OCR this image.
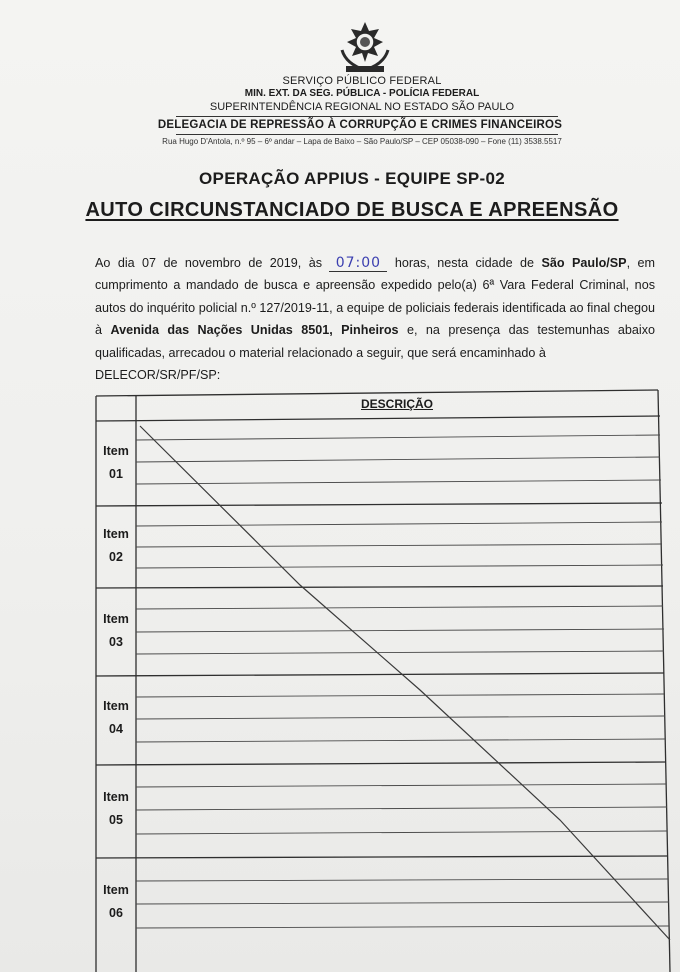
SERVIÇO PÚBLICO FEDERAL
MIN. EXT. DA SEG. PÚBLICA - POLÍCIA FEDERAL
SUPERINTENDÊNCIA REGIONAL NO ESTADO SÃO PAULO
DELEGACIA DE REPRESSÃO À CORRUPÇÃO E CRIMES FINANCEIROS
Rua Hugo D'Antola, n.º 95 – 6º andar – Lapa de Baixo – São Paulo/SP – CEP 05038-090 – Fone (11) 3538.5517
OPERAÇÃO APPIUS - EQUIPE SP-02
AUTO CIRCUNSTANCIADO DE BUSCA E APREENSÃO
Ao dia 07 de novembro de 2019, às 07:00 horas, nesta cidade de São Paulo/SP, em cumprimento a mandado de busca e apreensão expedido pelo(a) 6ª Vara Federal Criminal, nos autos do inquérito policial n.º 127/2019-11, a equipe de policiais federais identificada ao final chegou à Avenida das Nações Unidas 8501, Pinheiros e, na presença das testemunhas abaixo qualificadas, arrecadou o material relacionado a seguir, que será encaminhado à
DELECOR/SR/PF/SP:
DESCRIÇÃO
Item
01
Item
02
Item
03
Item
04
Item
05
Item
06
